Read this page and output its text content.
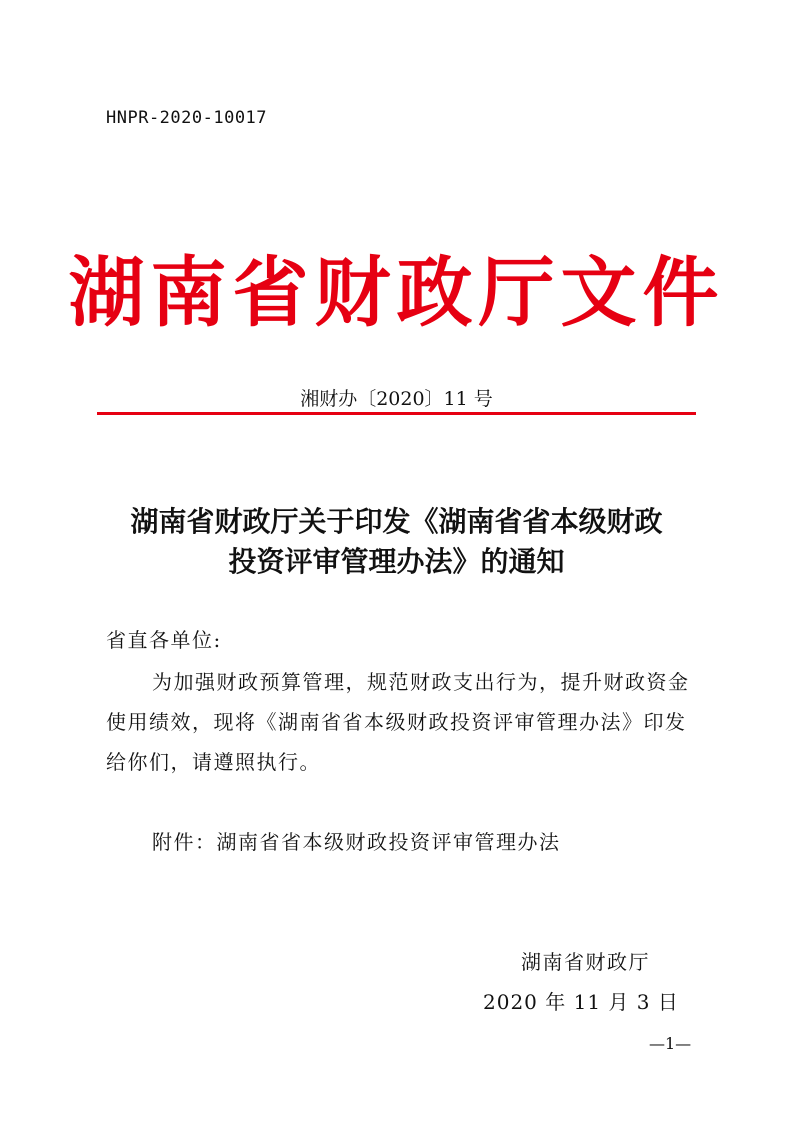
HNPR-2020-10017
湖南省财政厅文件
湘财办〔2020〕11 号
湖南省财政厅关于印发《湖南省省本级财政
投资评审管理办法》的通知
省直各单位:
为加强财政预算管理，规范财政支出行为，提升财政资金
使用绩效，现将《湖南省省本级财政投资评审管理办法》印发
给你们，请遵照执行。
附件：湖南省省本级财政投资评审管理办法
湖南省财政厅
2020 年 11 月 3 日
—1—
